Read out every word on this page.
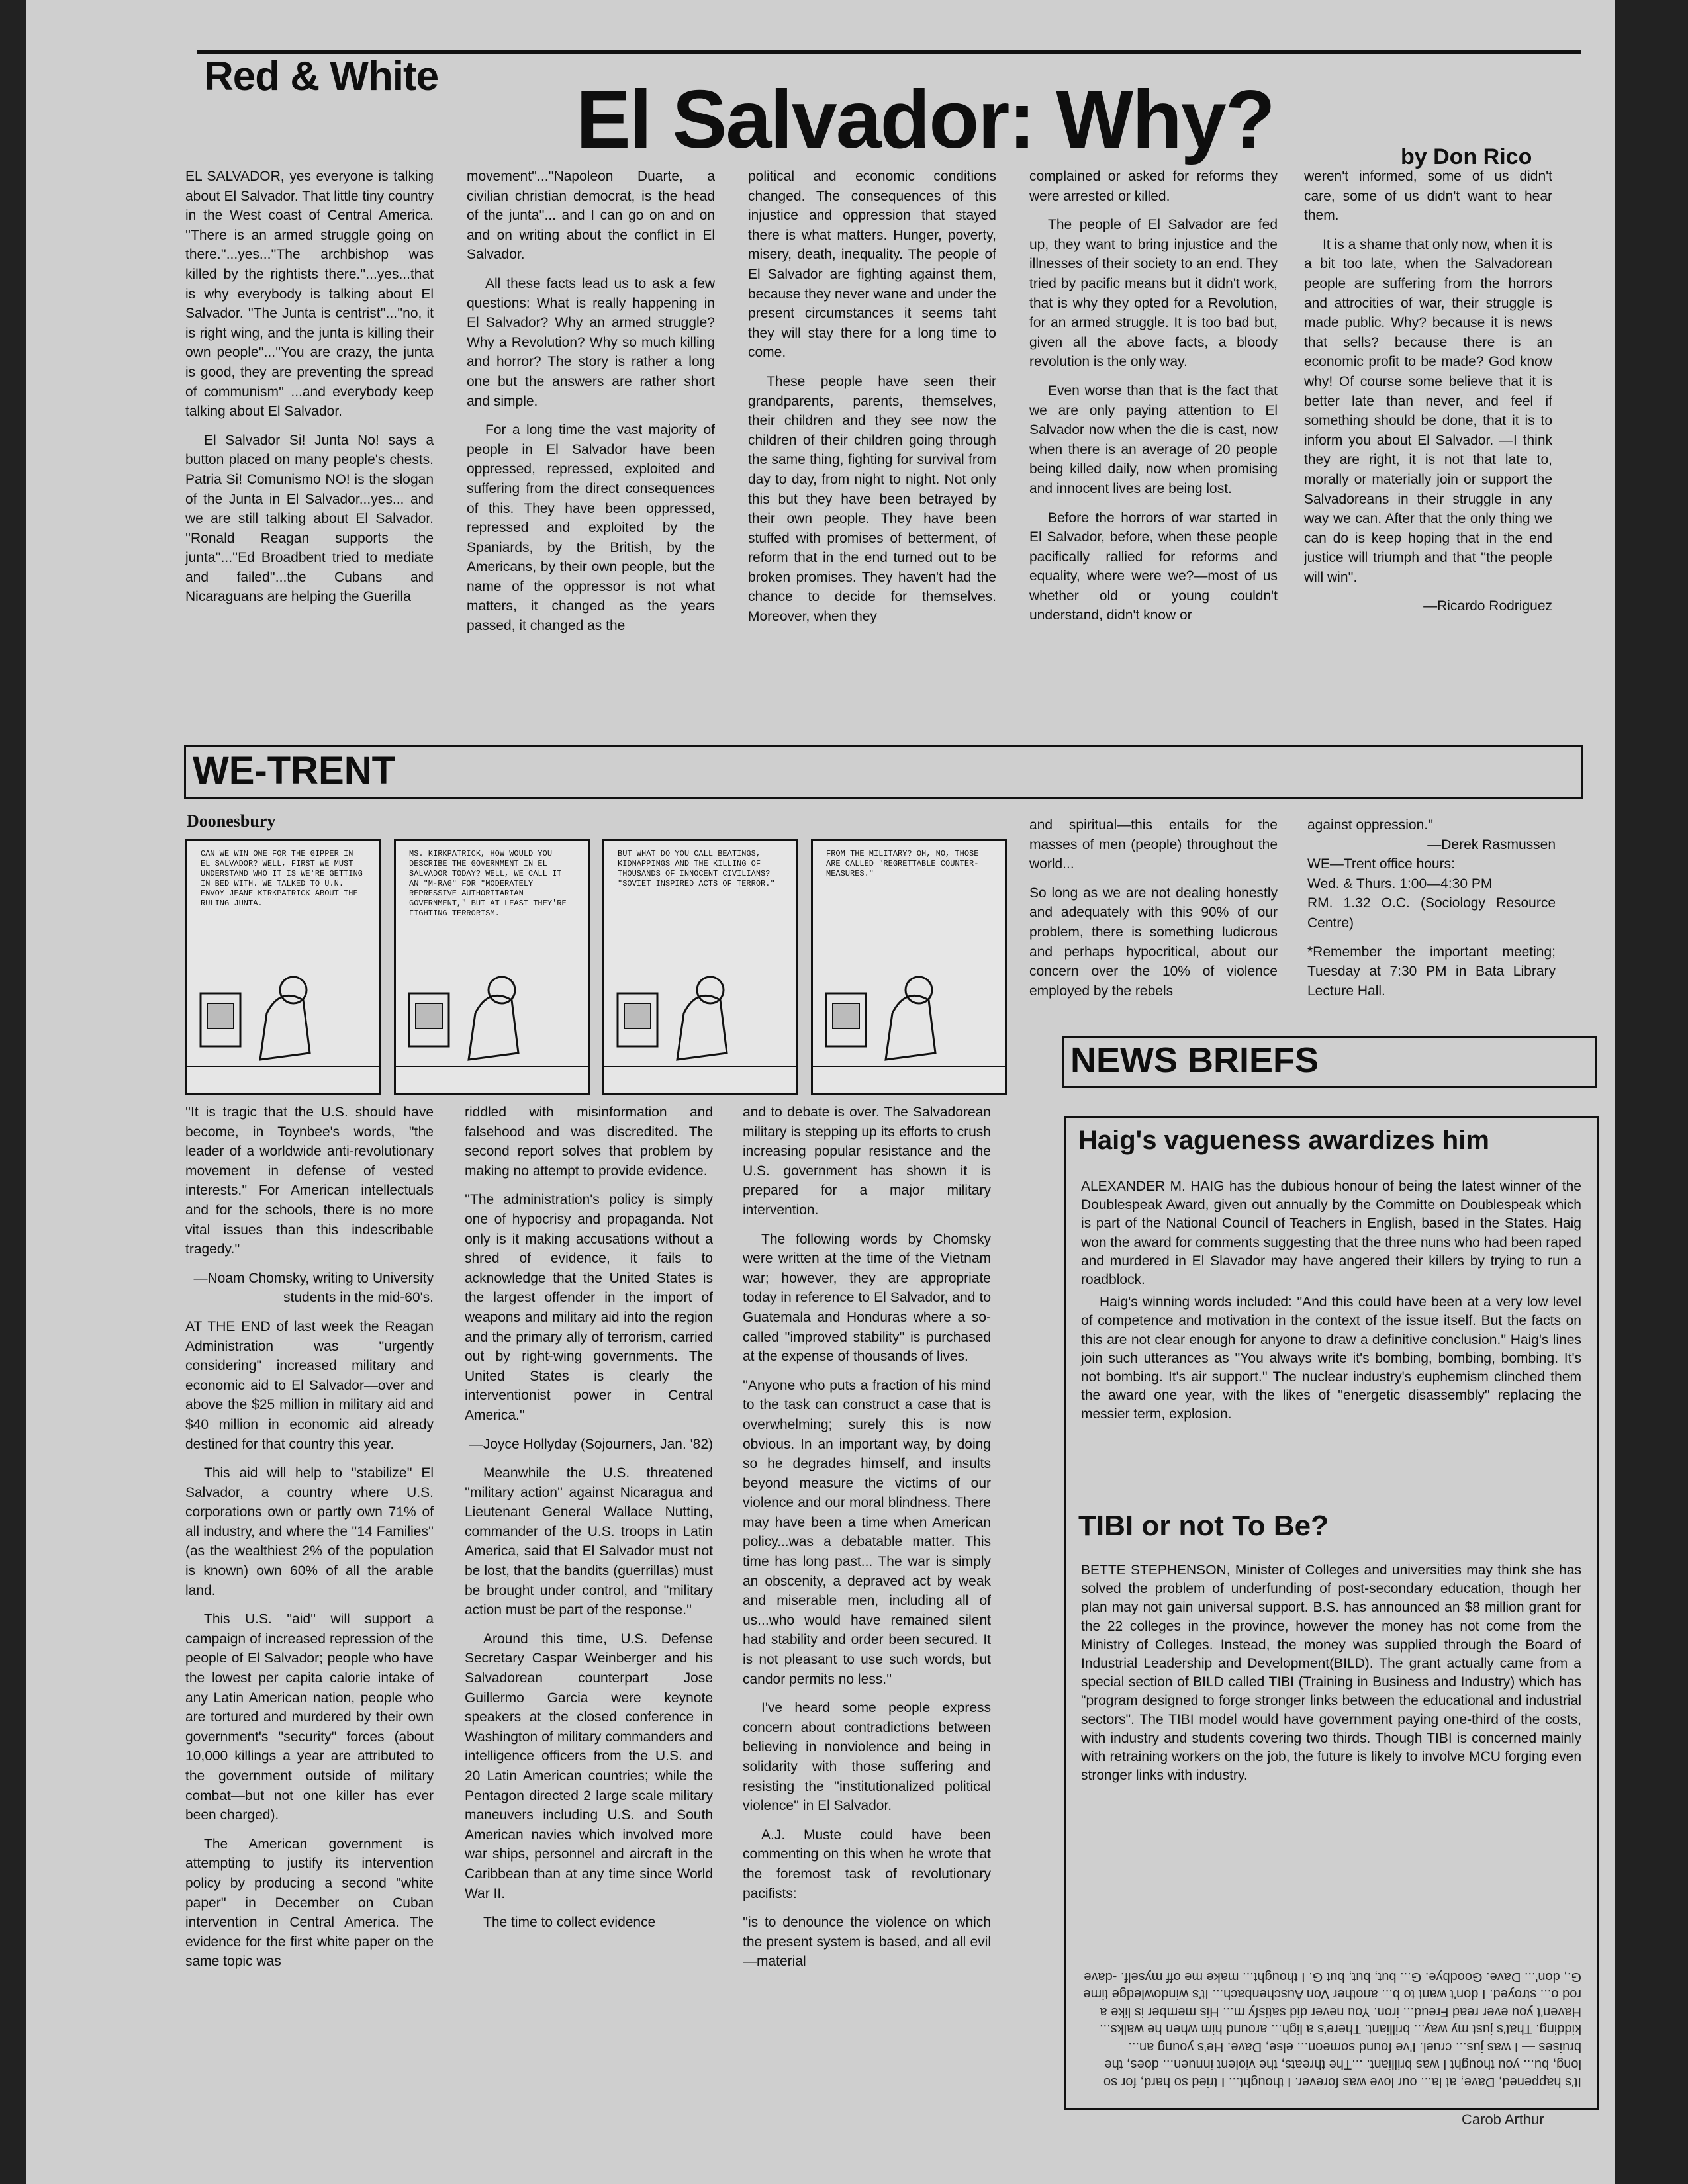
Red & White El Salvador: Why?	by Don Rico

EL SALVADOR, yes everyone is talking about El Salvador. That little tiny country in the West coast of Central America. ''There is an armed struggle going on there.''...yes...''The archbishop was killed by the rightists there.''...yes...that is why everybody is talking about El Salvador. ''The Junta is centrist''...''no, it is right wing, and the junta is killing their own people''...''You are crazy, the junta is good, they are preventing the spread of communism'' ...and everybody keep talking about El Salvador.

El Salvador Si! Junta No! says a button placed on many people's chests. Patria Si! Comunismo NO! is the slogan of the Junta in El Salvador...yes... and we are still talking about El Salvador. ''Ronald Reagan supports the junta''...''Ed Broadbent tried to mediate and failed''...the Cubans and Nicaraguans are helping the Guerilla

movement''...''Napoleon Duarte, a civilian christian democrat, is the head of the junta''... and I can go on and on and on writing about the conflict in El Salvador.

All these facts lead us to ask a few questions: What is really happening in El Salvador? Why an armed struggle? Why a Revolution? Why so much killing and horror? The story is rather a long one but the answers are rather short and simple.

For a long time the vast majority of people in El Salvador have been oppressed, repressed, exploited and suffering from the direct consequences of this. They have been oppressed, repressed and exploited by the Spaniards, by the British, by the Americans, by their own people, but the name of the oppressor is not what matters, it changed as the years passed, it changed as the

political and economic conditions changed. The consequences of this injustice and oppression that stayed there is what matters. Hunger, poverty, misery, death, inequality. The people of El Salvador are fighting against them, because they never wane and under the present circumstances it seems taht they will stay there for a long time to come.

These people have seen their grandparents, parents, themselves, their children and they see now the children of their children going through the same thing, fighting for survival from day to day, from night to night. Not only this but they have been betrayed by their own people. They have been stuffed with promises of betterment, of reform that in the end turned out to be broken promises. They haven't had the chance to decide for themselves. Moreover, when they

complained or asked for reforms they were arrested or killed.

The people of El Salvador are fed up, they want to bring injustice and the illnesses of their society to an end. They tried by pacific means but it didn't work, that is why they opted for a Revolution, for an armed struggle. It is too bad but, given all the above facts, a bloody revolution is the only way.

Even worse than that is the fact that we are only paying attention to El Salvador now when the die is cast, now when there is an average of 20 people being killed daily, now when promising and innocent lives are being lost.

Before the horrors of war started in El Salvador, before, when these people pacifically rallied for reforms and equality, where were we?—most of us whether old or young couldn't understand, didn't know or

weren't informed, some of us didn't care, some of us didn't want to hear them.

It is a shame that only now, when it is a bit too late, when the Salvadorean people are suffering from the horrors and attrocities of war, their struggle is made public. Why? because it is news that sells? because there is an economic profit to be made? God know why! Of course some believe that it is better late than never, and feel if something should be done, that it is to inform you about El Salvador. —I think they are right, it is not that late to, morally or materially join or support the Salvadoreans in their struggle in any way we can. After that the only thing we can do is keep hoping that in the end justice will triumph and that ''the people will win''.

—Ricardo Rodriguez
WE-TRENT
Doonesbury
CAN WE WIN ONE FOR THE GIPPER IN EL SALVADOR? WELL, FIRST WE MUST UNDERSTAND WHO IT IS WE'RE GETTING IN BED WITH. WE TALKED TO U.N. ENVOY JEANE KIRKPATRICK ABOUT THE RULING JUNTA.
MS. KIRKPATRICK, HOW WOULD YOU DESCRIBE THE GOVERNMENT IN EL SALVADOR TODAY? WELL, WE CALL IT AN "M-RAG" FOR "MODERATELY REPRESSIVE AUTHORITARIAN GOVERNMENT," BUT AT LEAST THEY'RE FIGHTING TERRORISM.
BUT WHAT DO YOU CALL BEATINGS, KIDNAPPINGS AND THE KILLING OF THOUSANDS OF INNOCENT CIVILIANS? "SOVIET INSPIRED ACTS OF TERROR."
FROM THE MILITARY? OH, NO, THOSE ARE CALLED "REGRETTABLE COUNTER-MEASURES."

and spiritual—this entails for the masses of men (people) throughout the world...

So long as we are not dealing honestly and adequately with this 90% of our problem, there is something ludicrous and perhaps hypocritical, about our concern over the 10% of violence employed by the rebels

against oppression.''

—Derek Rasmussen

WE—Trent office hours:

Wed. & Thurs. 1:00—4:30 PM

RM. 1.32 O.C. (Sociology Resource Centre)

*Remember the important meeting; Tuesday at 7:30 PM in Bata Library Lecture Hall.

''It is tragic that the U.S. should have become, in Toynbee's words, ''the leader of a worldwide anti-revolutionary movement in defense of vested interests.'' For American intellectuals and for the schools, there is no more vital issues than this indescribable tragedy.''

—Noam Chomsky, writing to University students in the mid-60's.

AT THE END of last week the Reagan Administration was ''urgently considering'' increased military and economic aid to El Salvador—over and above the $25 million in military aid and $40 million in economic aid already destined for that country this year.

This aid will help to ''stabilize'' El Salvador, a country where U.S. corporations own or partly own 71% of all industry, and where the ''14 Families'' (as the wealthiest 2% of the population is known) own 60% of all the arable land.

This U.S. ''aid'' will support a campaign of increased repression of the people of El Salvador; people who have the lowest per capita calorie intake of any Latin American nation, people who are tortured and murdered by their own government's ''security'' forces (about 10,000 killings a year are attributed to the government outside of military combat—but not one killer has ever been charged).

The American government is attempting to justify its intervention policy by producing a second ''white paper'' in December on Cuban intervention in Central America. The evidence for the first white paper on the same topic was

riddled with misinformation and falsehood and was discredited. The second report solves that problem by making no attempt to provide evidence.

''The administration's policy is simply one of hypocrisy and propaganda. Not only is it making accusations without a shred of evidence, it fails to acknowledge that the United States is the largest offender in the import of weapons and military aid into the region and the primary ally of terrorism, carried out by right-wing governments. The United States is clearly the interventionist power in Central America.''

—Joyce Hollyday (Sojourners, Jan. '82)

Meanwhile the U.S. threatened ''military action'' against Nicaragua and Lieutenant General Wallace Nutting, commander of the U.S. troops in Latin America, said that El Salvador must not be lost, that the bandits (guerrillas) must be brought under control, and ''military action must be part of the response.''

Around this time, U.S. Defense Secretary Caspar Weinberger and his Salvadorean counterpart Jose Guillermo Garcia were keynote speakers at the closed conference in Washington of military commanders and intelligence officers from the U.S. and 20 Latin American countries; while the Pentagon directed 2 large scale military maneuvers including U.S. and South American navies which involved more war ships, personnel and aircraft in the Caribbean than at any time since World War II.

The time to collect evidence

and to debate is over. The Salvadorean military is stepping up its efforts to crush increasing popular resistance and the U.S. government has shown it is prepared for a major military intervention.

The following words by Chomsky were written at the time of the Vietnam war; however, they are appropriate today in reference to El Salvador, and to Guatemala and Honduras where a so-called ''improved stability'' is purchased at the expense of thousands of lives.

''Anyone who puts a fraction of his mind to the task can construct a case that is overwhelming; surely this is now obvious. In an important way, by doing so he degrades himself, and insults beyond measure the victims of our violence and our moral blindness. There may have been a time when American policy...was a debatable matter. This time has long past... The war is simply an obscenity, a depraved act by weak and miserable men, including all of us...who would have remained silent had stability and order been secured. It is not pleasant to use such words, but candor permits no less.''

I've heard some people express concern about contradictions between believing in nonviolence and being in solidarity with those suffering and resisting the ''institutionalized political violence'' in El Salvador.

A.J. Muste could have been commenting on this when he wrote that the foremost task of revolutionary pacifists:

''is to denounce the violence on which the present system is based, and all evil—material

NEWS BRIEFS
Haig's vagueness awardizes him

ALEXANDER M. HAIG has the dubious honour of being the latest winner of the Doublespeak Award, given out annually by the Committe on Doublespeak which is part of the National Council of Teachers in English, based in the States. Haig won the award for comments suggesting that the three nuns who had been raped and murdered in El Slavador may have angered their killers by trying to run a roadblock.

Haig's winning words included: ''And this could have been at a very low level of competence and motivation in the context of the issue itself. But the facts on this are not clear enough for anyone to draw a definitive conclusion.'' Haig's lines join such utterances as ''You always write it's bombing, bombing, bombing. It's not bombing. It's air support.'' The nuclear industry's euphemism clinched them the award one year, with the likes of ''energetic disassembly'' replacing the messier term, explosion.

TIBI or not To Be?

BETTE STEPHENSON, Minister of Colleges and universities may think she has solved the problem of underfunding of post-secondary education, though her plan may not gain universal support. B.S. has announced an $8 million grant for the 22 colleges in the province, however the money has not come from the Ministry of Colleges. Instead, the money was supplied through the Board of Industrial Leadership and Development(BILD). The grant actually came from a special section of BILD called TIBI (Training in Business and Industry) which has "program designed to forge stronger links between the educational and industrial sectors". The TIBI model would have government paying one-third of the costs, with industry and students covering two thirds. Though TIBI is concerned mainly with retraining workers on the job, the future is likely to involve MCU forging even stronger links with industry.

It's happened, Dave, at la... our love was forever. I thought... I tried so hard, for so long, bu... you thought I was brilliant. ...The threats, the violent innuen... does, the bruises — I was jus... cruel. I've found someon... else, Dave. He's young an... kidding. That's just my way... brilliant. There's a ligh... around him when he walks... Haven't you ever read Freud... iron. You never did satisfy m... His member is like a rod o... stroyed. I don't want to b... another Von Auschenbach... It's windowledge time G., don'... Dave. Goodbye. G... but, but, but G. I thought... make me off myself. -dave
Carob Arthur
